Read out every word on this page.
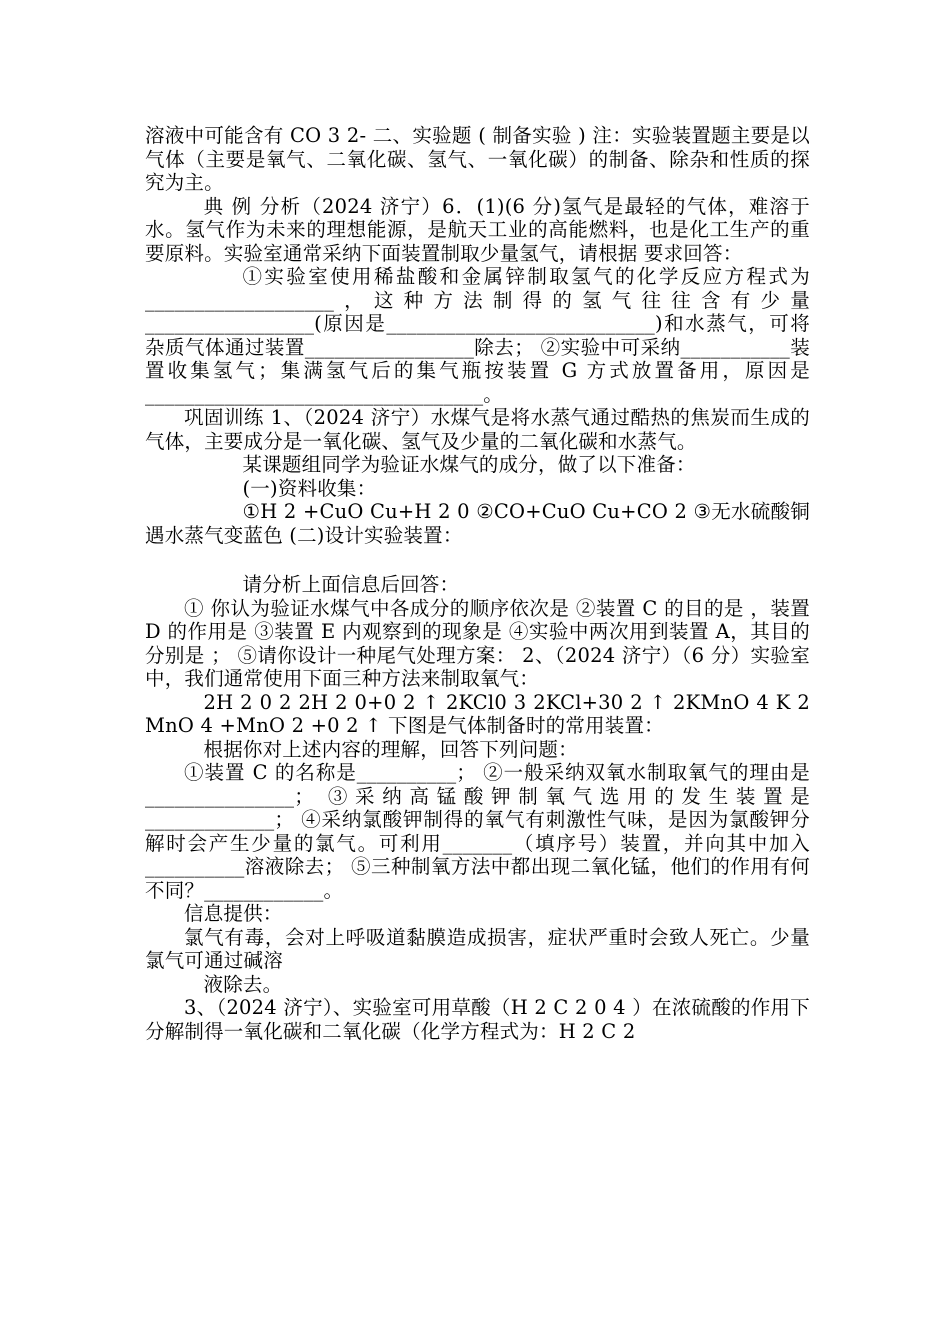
溶液中可能含有 CO 3 2- 二、实验题 ( 制备实验 ) 注：实验装置题主要是以气体（主要是氧气、二氧化碳、氢气、一氧化碳）的制备、除杂和性质的探究为主。

典 例 分析（2024 济宁）6．(1)(6 分)氢气是最轻的气体，难溶于水。氢气作为未来的理想能源，是航天工业的高能燃料，也是化工生产的重要原料。实验室通常采纳下面装置制取少量氢气，请根据 要求回答：

①实验室使用稀盐酸和金属锌制取氢气的化学反应方程式为___________________，这种方法制得的氢气往往含有少量_________________(原因是___________________________)和水蒸气，可将杂质气体通过装置_________________除去； ②实验中可采纳___________装置收集氢气；集满氢气后的集气瓶按装置 G 方式放置备用，原因是__________________________________。

巩固训练 1、（2024 济宁）水煤气是将水蒸气通过酷热的焦炭而生成的气体，主要成分是一氧化碳、氢气及少量的二氧化碳和水蒸气。

某课题组同学为验证水煤气的成分，做了以下准备：

(一)资料收集：

①H 2 +CuO Cu+H 2 0 ②CO+CuO Cu+CO 2 ③无水硫酸铜遇水蒸气变蓝色 (二)设计实验装置：

请分析上面信息后回答：

① 你认为验证水煤气中各成分的顺序依次是 ②装置 C 的目的是 ，装置 D 的作用是 ③装置 E 内观察到的现象是 ④实验中两次用到装置 A，其目的分别是 ； ⑤请你设计一种尾气处理方案： 2、（2024 济宁）（6 分）实验室中，我们通常使用下面三种方法来制取氧气：

2H 2 0 2 2H 2 0+0 2 ↑ 2KCl0 3 2KCl+30 2 ↑ 2KMnO 4 K 2 MnO 4 +MnO 2 +0 2 ↑ 下图是气体制备时的常用装置：

根据你对上述内容的理解，回答下列问题：

①装置 C 的名称是__________； ②一般采纳双氧水制取氧气的理由是_______________； ③采纳高锰酸钾制氧气选用的发生装置是_____________； ④采纳氯酸钾制得的氧气有刺激性气味，是因为氯酸钾分解时会产生少量的氯气。可利用_______（填序号）装置，并向其中加入__________溶液除去； ⑤三种制氧方法中都出现二氧化锰，他们的作用有何不同？____________。

信息提供：

氯气有毒，会对上呼吸道黏膜造成损害，症状严重时会致人死亡。少量氯气可通过碱溶

液除去。

3、（2024 济宁）、实验室可用草酸（H 2 C 2 0 4 ）在浓硫酸的作用下分解制得一氧化碳和二氧化碳（化学方程式为：H 2 C 2
